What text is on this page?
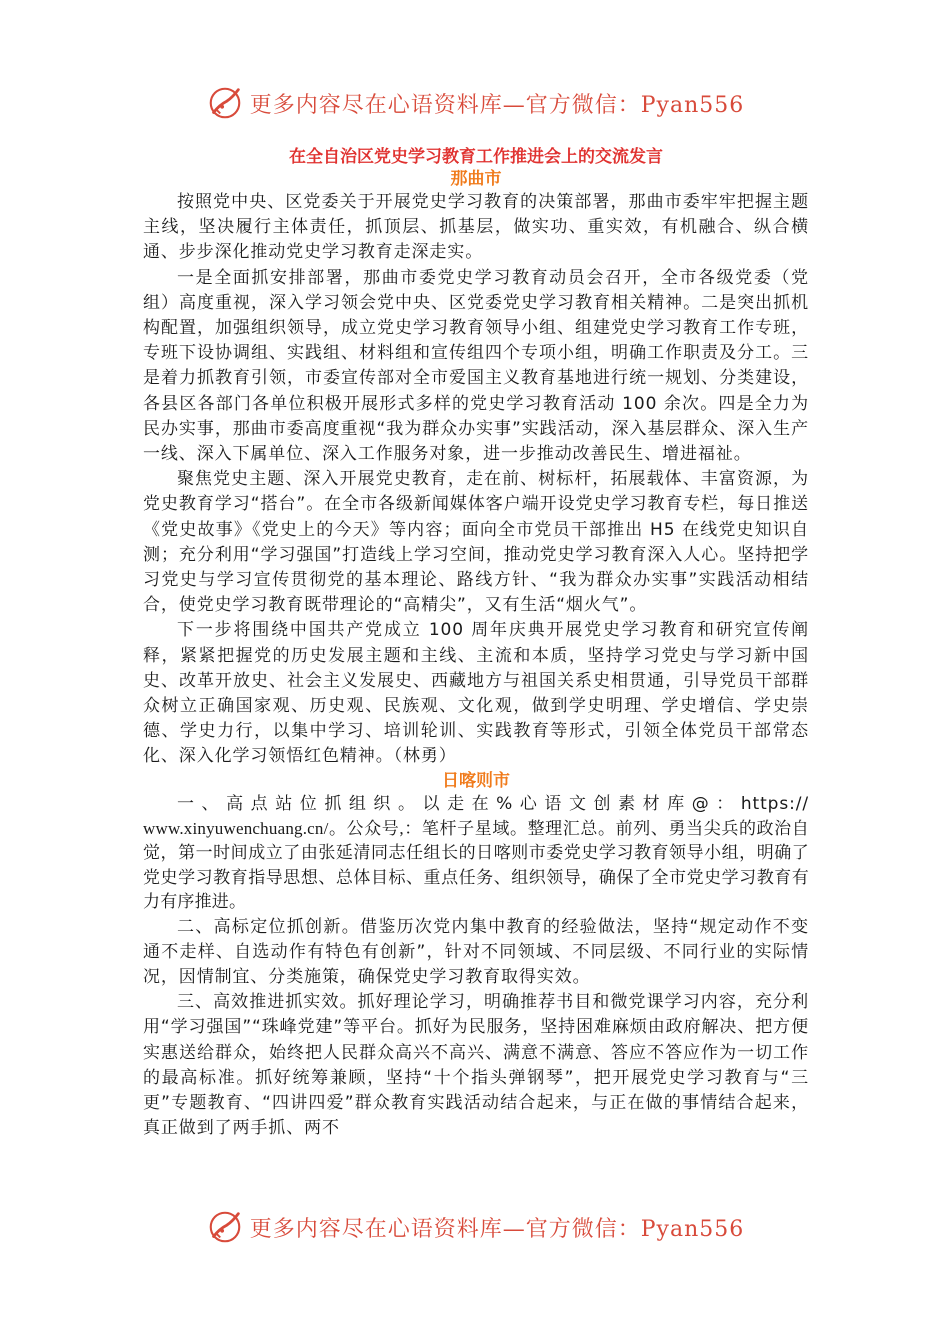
更多内容尽在心语资料库—官方微信：Pyan556
在全自治区党史学习教育工作推进会上的交流发言
那曲市

按照党中央、区党委关于开展党史学习教育的决策部署，那曲市委牢牢把握主题主线，坚决履行主体责任，抓顶层、抓基层，做实功、重实效，有机融合、纵合横通、步步深化推动党史学习教育走深走实。

一是全面抓安排部署，那曲市委党史学习教育动员会召开，全市各级党委（党组）高度重视，深入学习领会党中央、区党委党史学习教育相关精神。二是突出抓机构配置，加强组织领导，成立党史学习教育领导小组、组建党史学习教育工作专班，专班下设协调组、实践组、材料组和宣传组四个专项小组，明确工作职责及分工。三是着力抓教育引领，市委宣传部对全市爱国主义教育基地进行统一规划、分类建设，各县区各部门各单位积极开展形式多样的党史学习教育活动 100 余次。四是全力为民办实事，那曲市委高度重视“我为群众办实事”实践活动，深入基层群众、深入生产一线、深入下属单位、深入工作服务对象，进一步推动改善民生、增进福祉。

聚焦党史主题、深入开展党史教育，走在前、树标杆，拓展载体、丰富资源，为党史教育学习“搭台”。在全市各级新闻媒体客户端开设党史学习教育专栏，每日推送《党史故事》《党史上的今天》等内容；面向全市党员干部推出 H5 在线党史知识自测；充分利用“学习强国”打造线上学习空间，推动党史学习教育深入人心。坚持把学习党史与学习宣传贯彻党的基本理论、路线方针、“我为群众办实事”实践活动相结合，使党史学习教育既带理论的“高精尖”，又有生活“烟火气”。

下一步将围绕中国共产党成立 100 周年庆典开展党史学习教育和研究宣传阐释，紧紧把握党的历史发展主题和主线、主流和本质，坚持学习党史与学习新中国史、改革开放史、社会主义发展史、西藏地方与祖国关系史相贯通，引导党员干部群众树立正确国家观、历史观、民族观、文化观，做到学史明理、学史增信、学史崇德、学史力行，以集中学习、培训轮训、实践教育等形式，引领全体党员干部常态化、深入化学习领悟红色精神。（林勇）

日喀则市

一、高点站位抓组织。以走在%心语文创素材库@：https://

www.xinyuwenchuang.cn/。公众号,：笔杆子星域。整理汇总。前列、勇当尖兵的政治自觉，第一时间成立了由张延清同志任组长的日喀则市委党史学习教育领导小组，明确了党史学习教育指导思想、总体目标、重点任务、组织领导，确保了全市党史学习教育有力有序推进。

二、高标定位抓创新。借鉴历次党内集中教育的经验做法，坚持“规定动作不变通不走样、自选动作有特色有创新”，针对不同领域、不同层级、不同行业的实际情况，因情制宜、分类施策，确保党史学习教育取得实效。

三、高效推进抓实效。抓好理论学习，明确推荐书目和微党课学习内容，充分利用“学习强国”“珠峰党建”等平台。抓好为民服务，坚持困难麻烦由政府解决、把方便实惠送给群众，始终把人民群众高兴不高兴、满意不满意、答应不答应作为一切工作的最高标准。抓好统筹兼顾，坚持“十个指头弹钢琴”，把开展党史学习教育与“三更”专题教育、“四讲四爱”群众教育实践活动结合起来，与正在做的事情结合起来，真正做到了两手抓、两不

更多内容尽在心语资料库—官方微信：Pyan556
